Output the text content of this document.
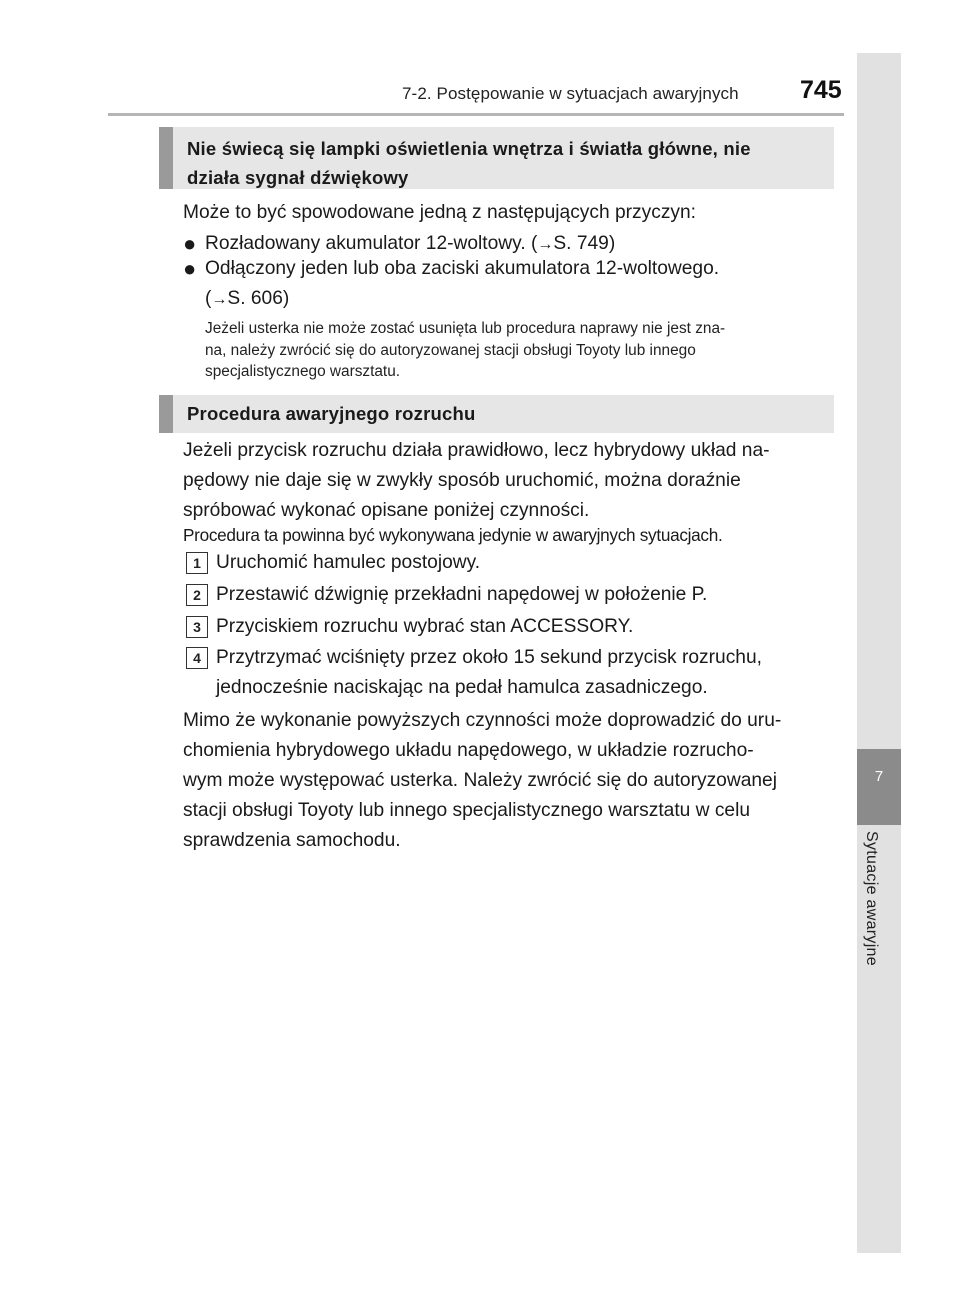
7-2. Postępowanie w sytuacjach awaryjnych 745
7
Sytuacje awaryjne
Nie świecą się lampki oświetlenia wnętrza i światła główne, nie
działa sygnał dźwiękowy
Może to być spowodowane jedną z następujących przyczyn:
● Rozładowany akumulator 12-woltowy. (→S. 749)
● Odłączony jeden lub oba zaciski akumulatora 12-woltowego.
(→S. 606)
Jeżeli usterka nie może zostać usunięta lub procedura naprawy nie jest zna-
na, należy zwrócić się do autoryzowanej stacji obsługi Toyoty lub innego
specjalistycznego warsztatu.
Procedura awaryjnego rozruchu
Jeżeli przycisk rozruchu działa prawidłowo, lecz hybrydowy układ na-
pędowy nie daje się w zwykły sposób uruchomić, można doraźnie
spróbować wykonać opisane poniżej czynności.
Procedura ta powinna być wykonywana jedynie w awaryjnych sytuacjach.
1 Uruchomić hamulec postojowy.
2 Przestawić dźwignię przekładni napędowej w położenie P.
3 Przyciskiem rozruchu wybrać stan ACCESSORY.
4 Przytrzymać wciśnięty przez około 15 sekund przycisk rozruchu,
jednocześnie naciskając na pedał hamulca zasadniczego.
Mimo że wykonanie powyższych czynności może doprowadzić do uru-
chomienia hybrydowego układu napędowego, w układzie rozrucho-
wym może występować usterka. Należy zwrócić się do autoryzowanej
stacji obsługi Toyoty lub innego specjalistycznego warsztatu w celu
sprawdzenia samochodu.
